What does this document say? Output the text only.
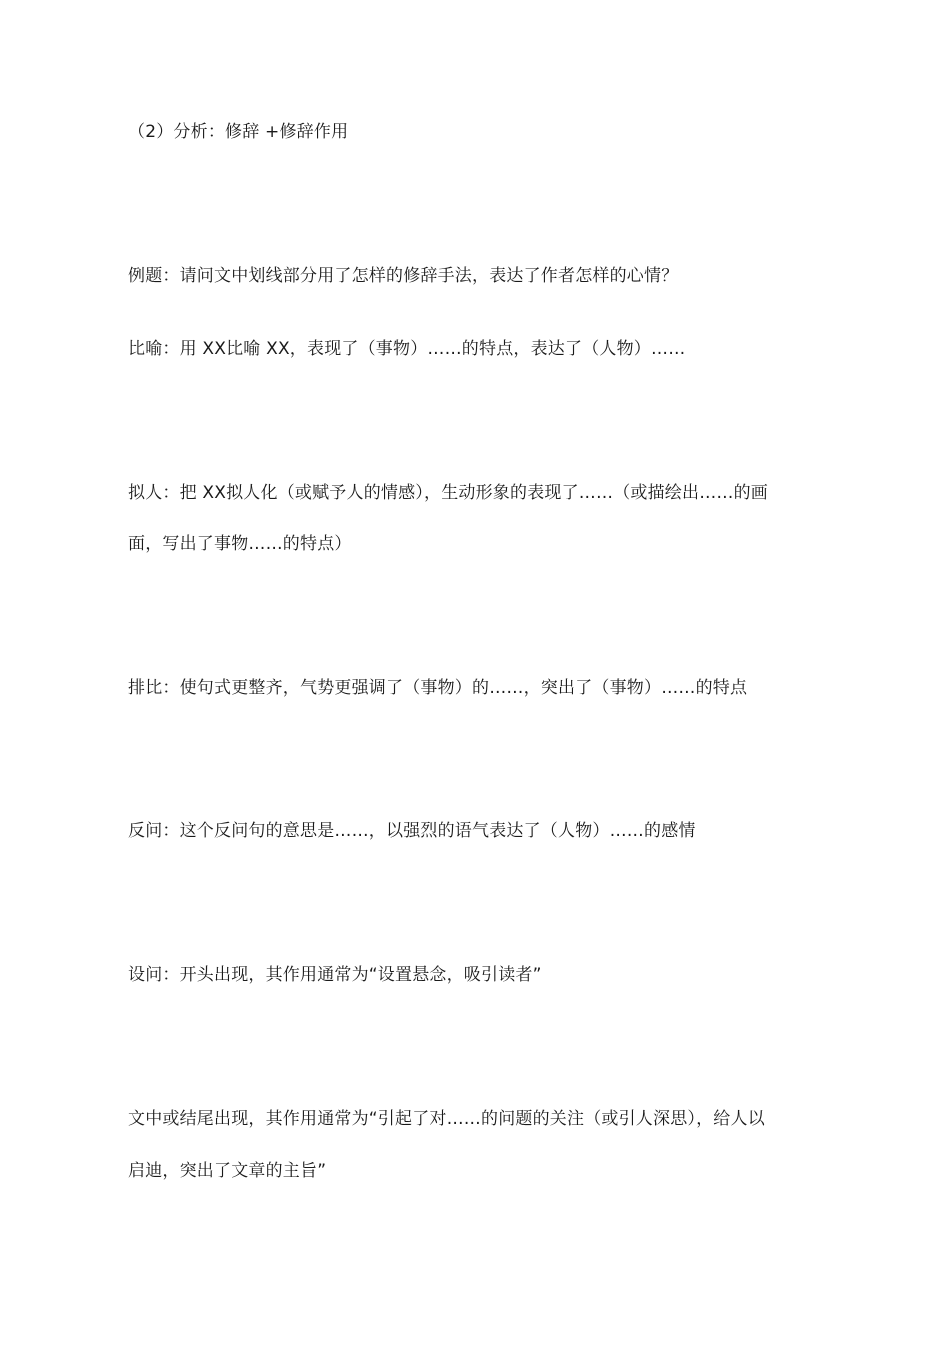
（2）分析：修辞 +修辞作用
例题：请问文中划线部分用了怎样的修辞手法，表达了作者怎样的心情？
比喻：用 XX比喻 XX，表现了（事物）……的特点，表达了（人物）……
拟人：把 XX拟人化（或赋予人的情感），生动形象的表现了……（或描绘出……的画
面，写出了事物……的特点）
排比：使句式更整齐，气势更强调了（事物）的……，突出了（事物）……的特点
反问：这个反问句的意思是……，以强烈的语气表达了（人物）……的感情
设问：开头出现，其作用通常为“设置悬念，吸引读者”
文中或结尾出现，其作用通常为“引起了对……的问题的关注（或引人深思），给人以
启迪，突出了文章的主旨”
